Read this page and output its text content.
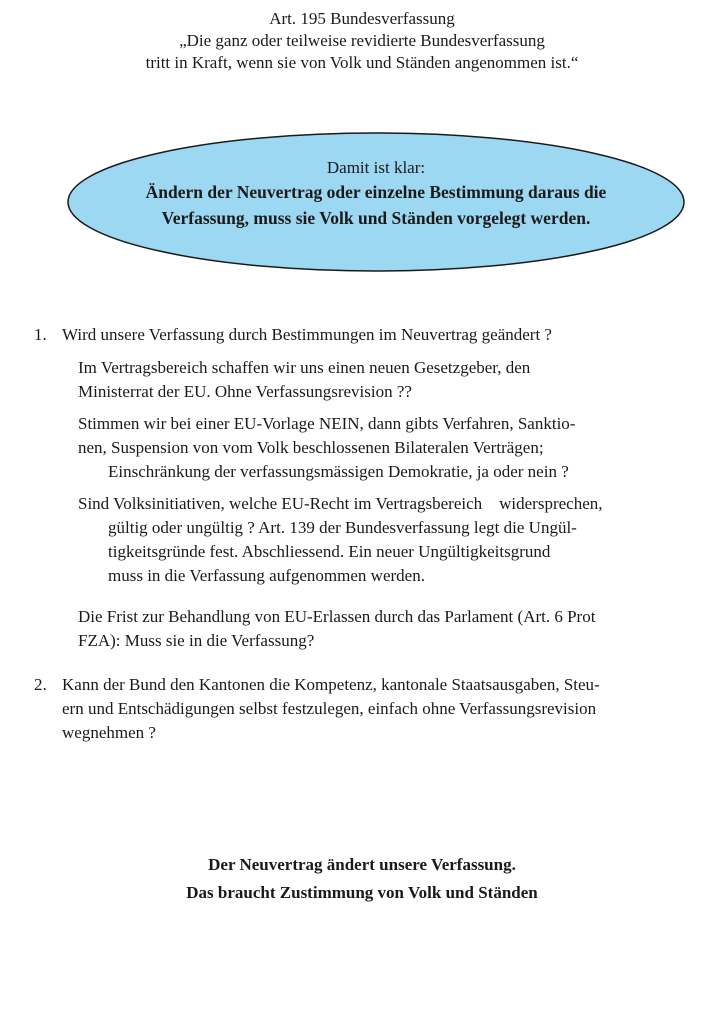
Art. 195 Bundesverfassung
„Die ganz oder teilweise revidierte Bundesverfassung
tritt in Kraft, wenn sie von Volk und Ständen angenommen ist.“
Damit ist klar:
Ändern der Neuvertrag oder einzelne Bestimmung daraus die
Verfassung, muss sie Volk und Ständen vorgelegt werden.
1. Wird unsere Verfassung durch Bestimmungen im Neuvertrag geändert ?
Im Vertragsbereich schaffen wir uns einen neuen Gesetzgeber, den
Ministerrat der EU. Ohne Verfassungsrevision ??
Stimmen wir bei einer EU-Vorlage NEIN, dann gibts Verfahren, Sanktio-
nen, Suspension von vom Volk beschlossenen Bilateralen Verträgen;
Einschränkung der verfassungsmässigen Demokratie, ja oder nein ?
Sind Volksinitiativen, welche EU-Recht im Vertragsbereich    widersprechen,
gültig oder ungültig ? Art. 139 der Bundesverfassung legt die Ungül-
tigkeitsgründe fest. Abschliessend. Ein neuer Ungültigkeitsgrund
muss in die Verfassung aufgenommen werden.
Die Frist zur Behandlung von EU-Erlassen durch das Parlament (Art. 6 Prot
FZA): Muss sie in die Verfassung?
2. Kann der Bund den Kantonen die Kompetenz, kantonale Staatsausgaben, Steu-
ern und Entschädigungen selbst festzulegen, einfach ohne Verfassungsrevision
wegnehmen ?
Der Neuvertrag ändert unsere Verfassung.
Das braucht Zustimmung von Volk und Ständen
